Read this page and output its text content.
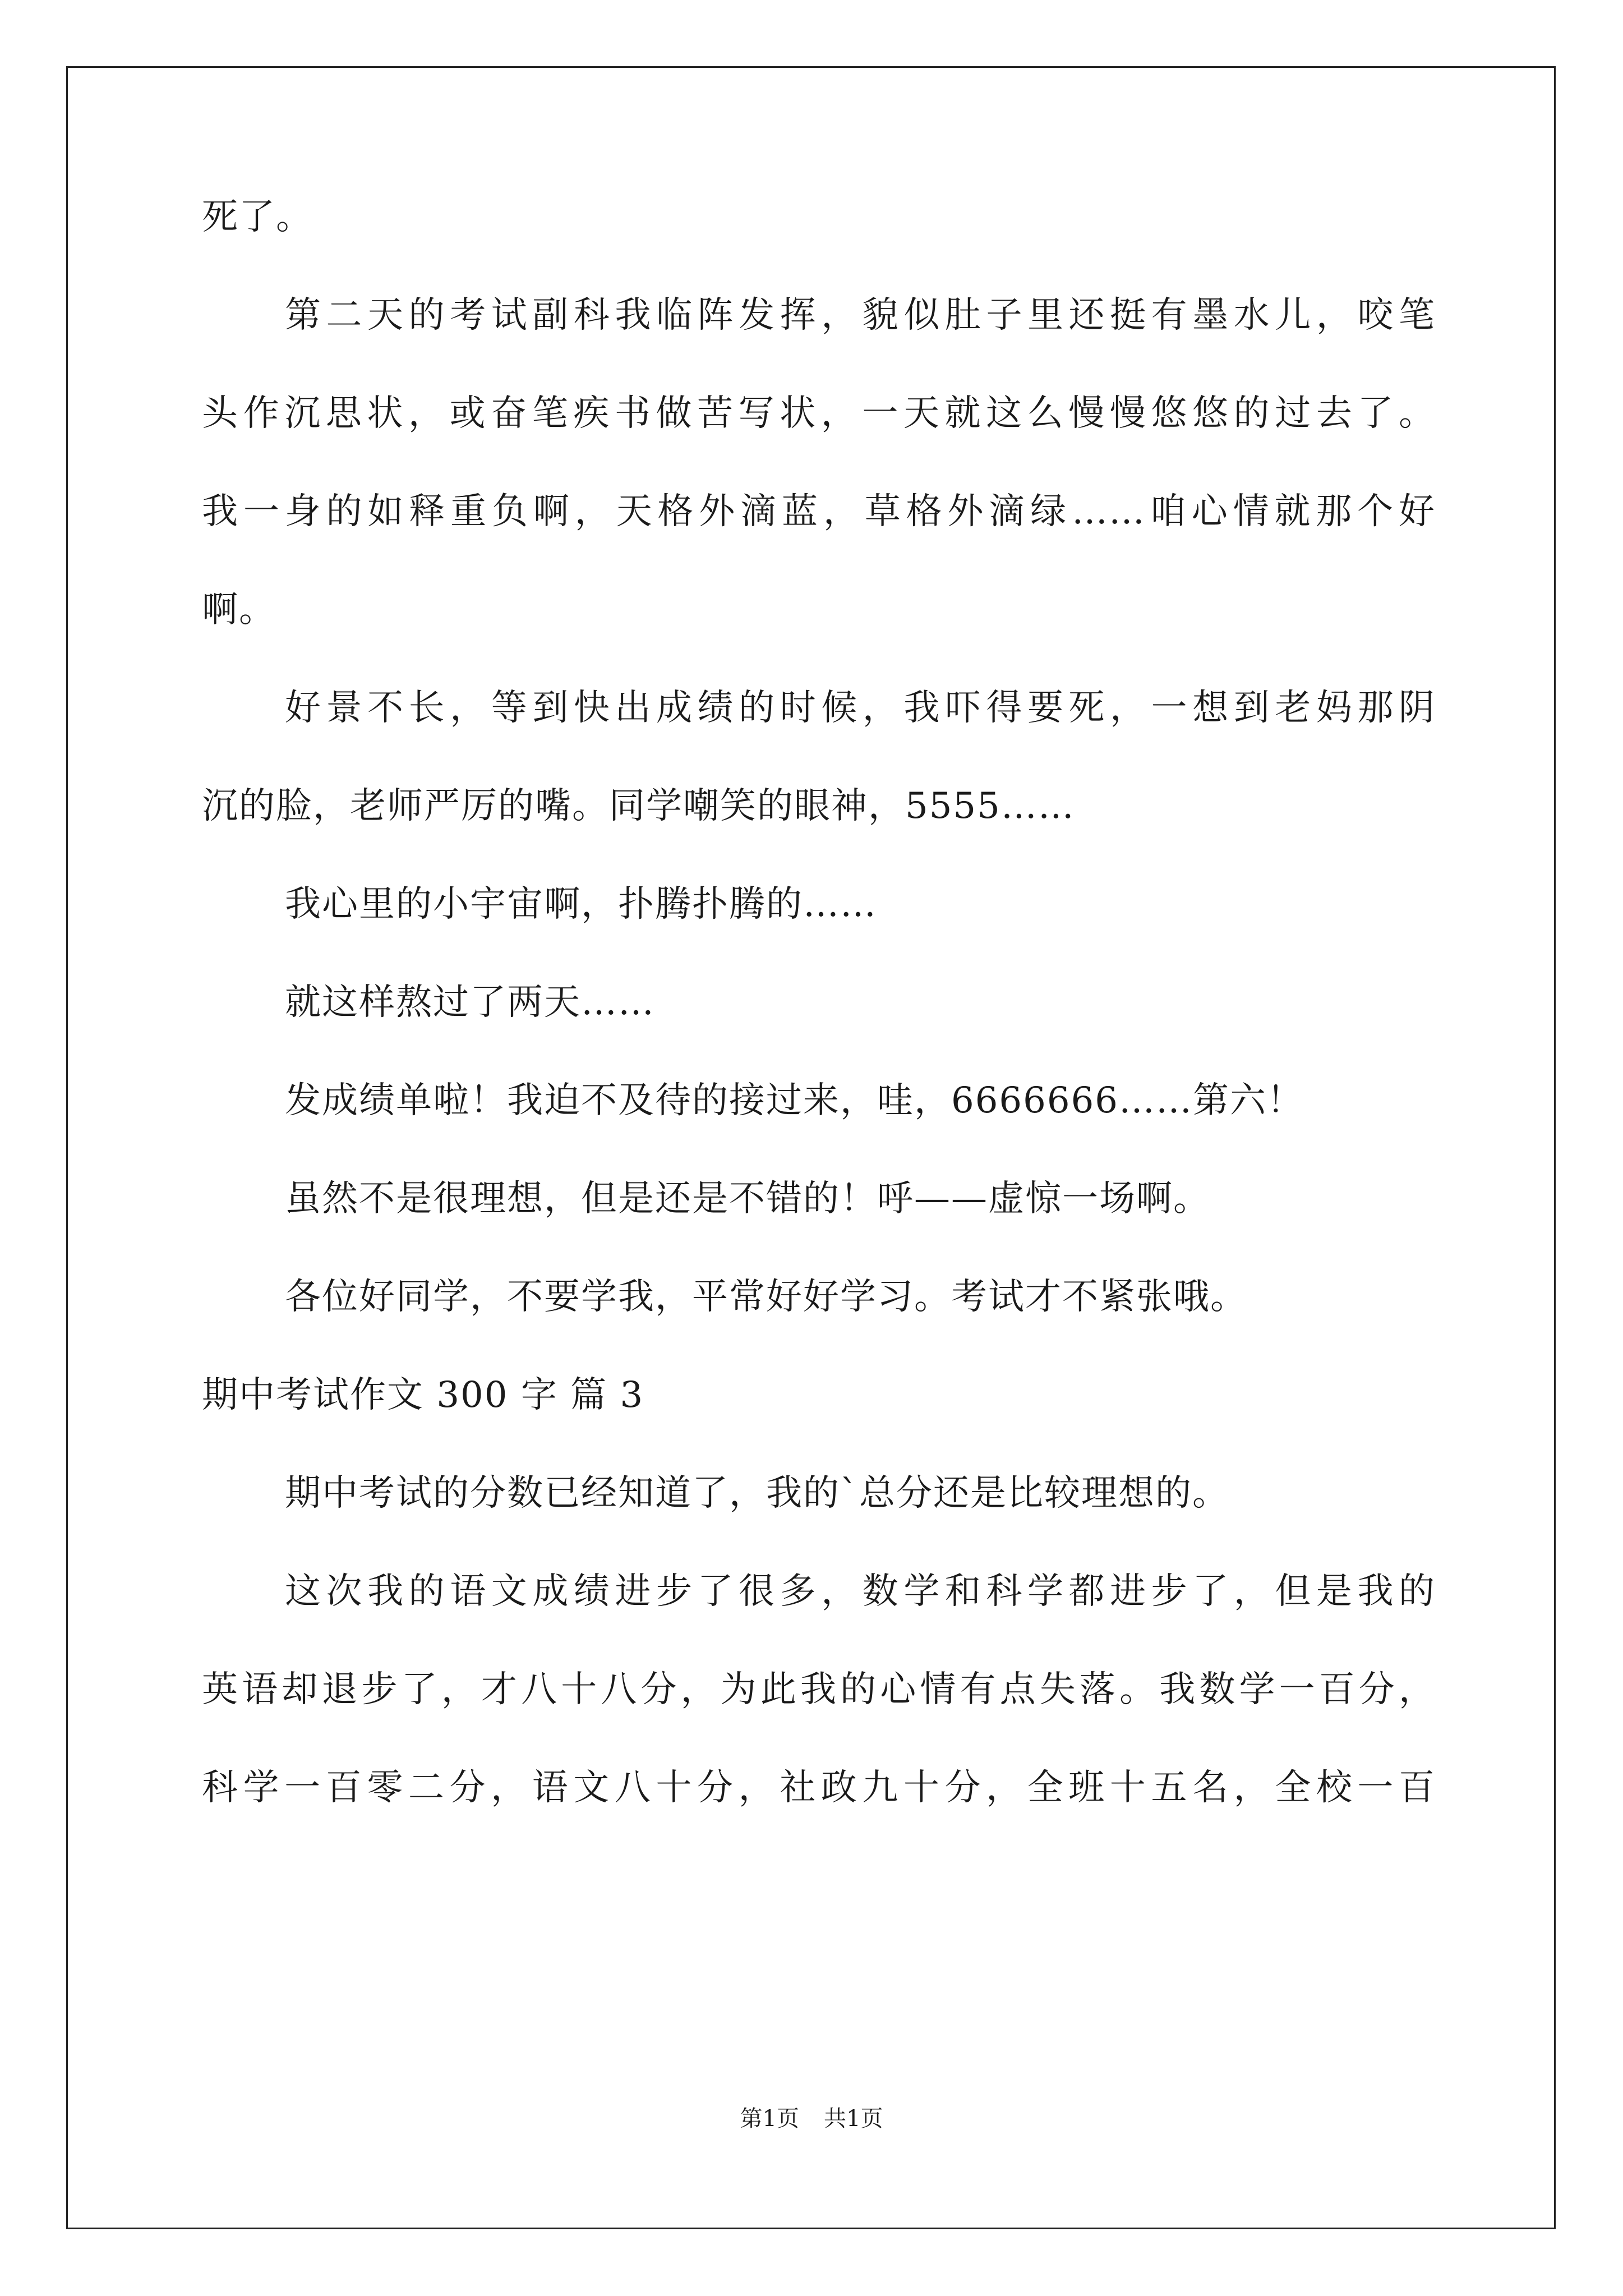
死了。
第二天的考试副科我临阵发挥，貌似肚子里还挺有墨水儿，咬笔
头作沉思状，或奋笔疾书做苦写状，一天就这么慢慢悠悠的过去了。
我一身的如释重负啊，天格外滴蓝，草格外滴绿……咱心情就那个好
啊。
好景不长，等到快出成绩的时候，我吓得要死，一想到老妈那阴
沉的脸，老师严厉的嘴。同学嘲笑的眼神，5555……
我心里的小宇宙啊，扑腾扑腾的……
就这样熬过了两天……
发成绩单啦！我迫不及待的接过来，哇，6666666……第六！
虽然不是很理想，但是还是不错的！呼——虚惊一场啊。
各位好同学，不要学我，平常好好学习。考试才不紧张哦。
期中考试作文 300 字 篇 3
期中考试的分数已经知道了，我的`总分还是比较理想的。
这次我的语文成绩进步了很多，数学和科学都进步了，但是我的
英语却退步了，才八十八分，为此我的心情有点失落。我数学一百分，
科学一百零二分，语文八十分，社政九十分，全班十五名，全校一百
第1页 共1页
